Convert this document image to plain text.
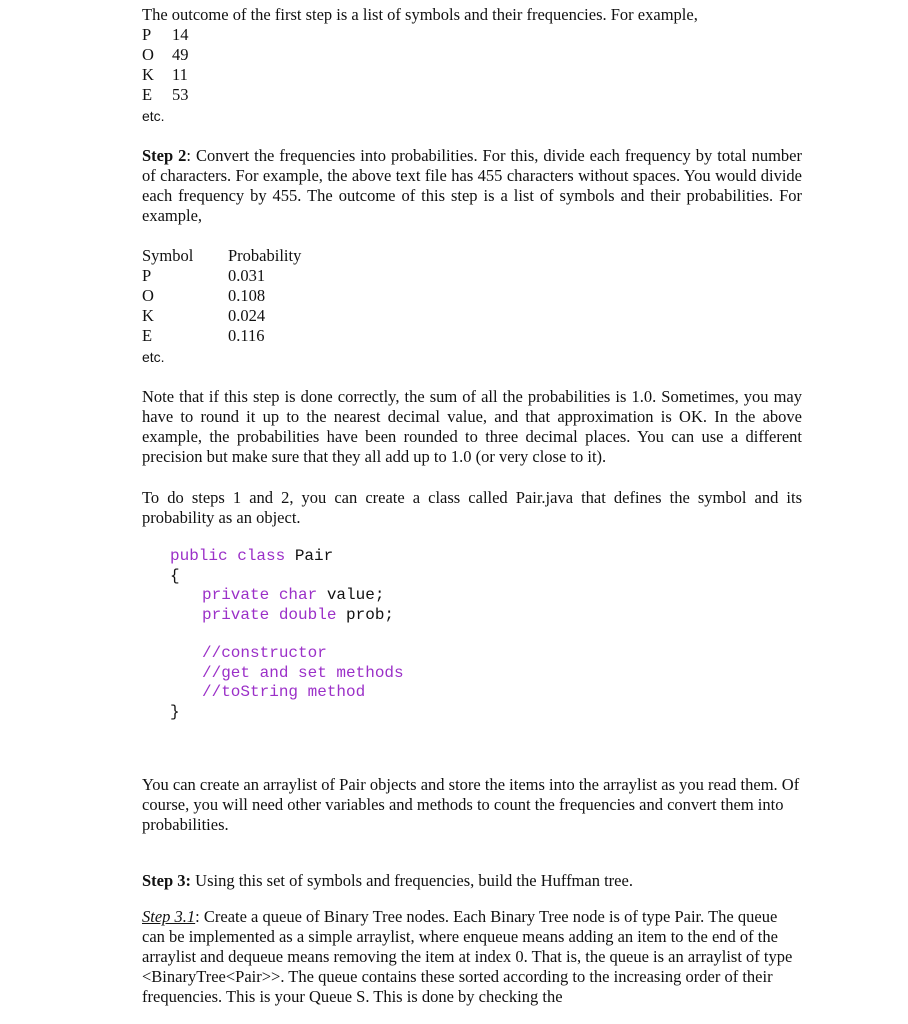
The outcome of the first step is a list of symbols and their frequencies. For example,
P 14
O 49
K 11
E 53
etc.
Step 2: Convert the frequencies into probabilities. For this, divide each frequency by total number of characters. For example, the above text file has 455 characters without spaces. You would divide each frequency by 455. The outcome of this step is a list of symbols and their probabilities. For example,
Symbol Probability
P	0.031
O	0.108
K	0.024
E	0.116
etc.
Note that if this step is done correctly, the sum of all the probabilities is 1.0. Sometimes, you may have to round it up to the nearest decimal value, and that approximation is OK. In the above example, the probabilities have been rounded to three decimal places. You can use a different precision but make sure that they all add up to 1.0 (or very close to it).
To do steps 1 and 2, you can create a class called Pair.java that defines the symbol and its probability as an object.
public class Pair
{
private char value;
private double prob;
//constructor
//get and set methods
//toString method
}
You can create an arraylist of Pair objects and store the items into the arraylist as you read them. Of course, you will need other variables and methods to count the frequencies and convert them into probabilities.
Step 3: Using this set of symbols and frequencies, build the Huffman tree.
Step 3.1: Create a queue of Binary Tree nodes. Each Binary Tree node is of type Pair. The queue can be implemented as a simple arraylist, where enqueue means adding an item to the end of the arraylist and dequeue means removing the item at index 0. That is, the queue is an arraylist of type <BinaryTree<Pair>>. The queue contains these sorted according to the increasing order of their frequencies. This is your Queue S. This is done by checking the
